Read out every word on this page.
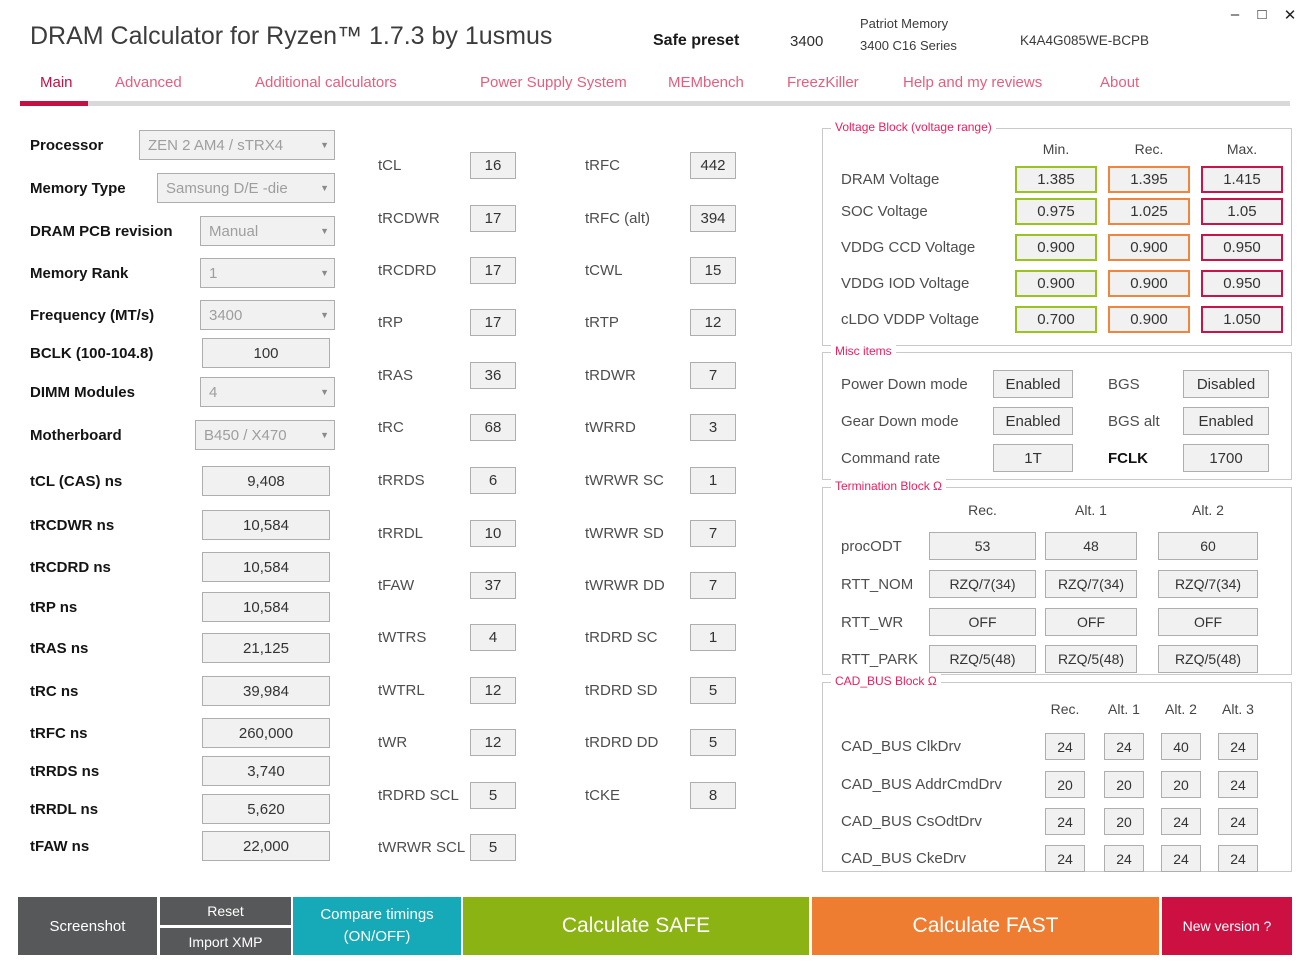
–	□	✕
DRAM Calculator for Ryzen™ 1.7.3 by 1usmus	Safe preset	3400
Patriot Memory
3400 C16 Series	K4A4G085WE-BCPB
Main	Advanced	Additional calculators	Power Supply System	MEMbench	FreezKiller	Help and my reviews	About
Processor	ZEN 2 AM4 / sTRX4	▼
Memory Type	Samsung D/E -die	▼
DRAM PCB revision Manual	▼
Memory Rank	1	▼
Frequency (MT/s)	3400	▼
BCLK (100-104.8)	100
DIMM Modules	4	▼
Motherboard	B450 / X470	▼
tCL (CAS) ns	9,408
tRCDWR ns	10,584
tRCDRD ns	10,584
tRP ns	10,584
tRAS ns	21,125
tRC ns	39,984
tRFC ns	260,000
tRRDS ns	3,740
tRRDL ns	5,620
tFAW ns	22,000
tCL	16
tRCDWR	17
tRCDRD	17
tRP	17
tRAS	36
tRC	68
tRRDS	6
tRRDL	10
tFAW	37
tWTRS	4
tWTRL	12
tWR	12
tRDRD SCL	5
tWRWR SCL	5
tRFC	442
tRFC (alt)	394
tCWL	15
tRTP	12
tRDWR	7
tWRRD	3
tWRWR SC	1
tWRWR SD	7
tWRWR DD	7
tRDRD SC	1
tRDRD SD	5
tRDRD DD	5
tCKE	8
Voltage Block (voltage range)
Min.	Rec.	Max.
DRAM Voltage	1.385	1.395	1.415
SOC Voltage	0.975	1.025	1.05
VDDG CCD Voltage	0.900	0.900	0.950
VDDG IOD Voltage	0.900	0.900	0.950
cLDO VDDP Voltage	0.700	0.900	1.050
Misc items
Power Down mode	Enabled	BGS	Disabled
Gear Down mode	Enabled	BGS alt	Enabled
Command rate	1T	FCLK	1700
Termination Block Ω
Rec.	Alt. 1	Alt. 2
procODT	53	48	60
RTT_NOM	RZQ/7(34)	RZQ/7(34)	RZQ/7(34)
RTT_WR	OFF	OFF	OFF
RTT_PARK	RZQ/5(48)	RZQ/5(48)	RZQ/5(48)
CAD_BUS Block Ω
Rec.	Alt. 1 Alt. 2 Alt. 3
CAD_BUS ClkDrv	24	24	40	24
CAD_BUS AddrCmdDrv	20	20	20	24
CAD_BUS CsOdtDrv	24	20	24	24
CAD_BUS CkeDrv	24	24	24	24
Screenshot
Reset
Import XMP
Compare timings
(ON/OFF)	Calculate SAFE	Calculate FAST	New version ?
